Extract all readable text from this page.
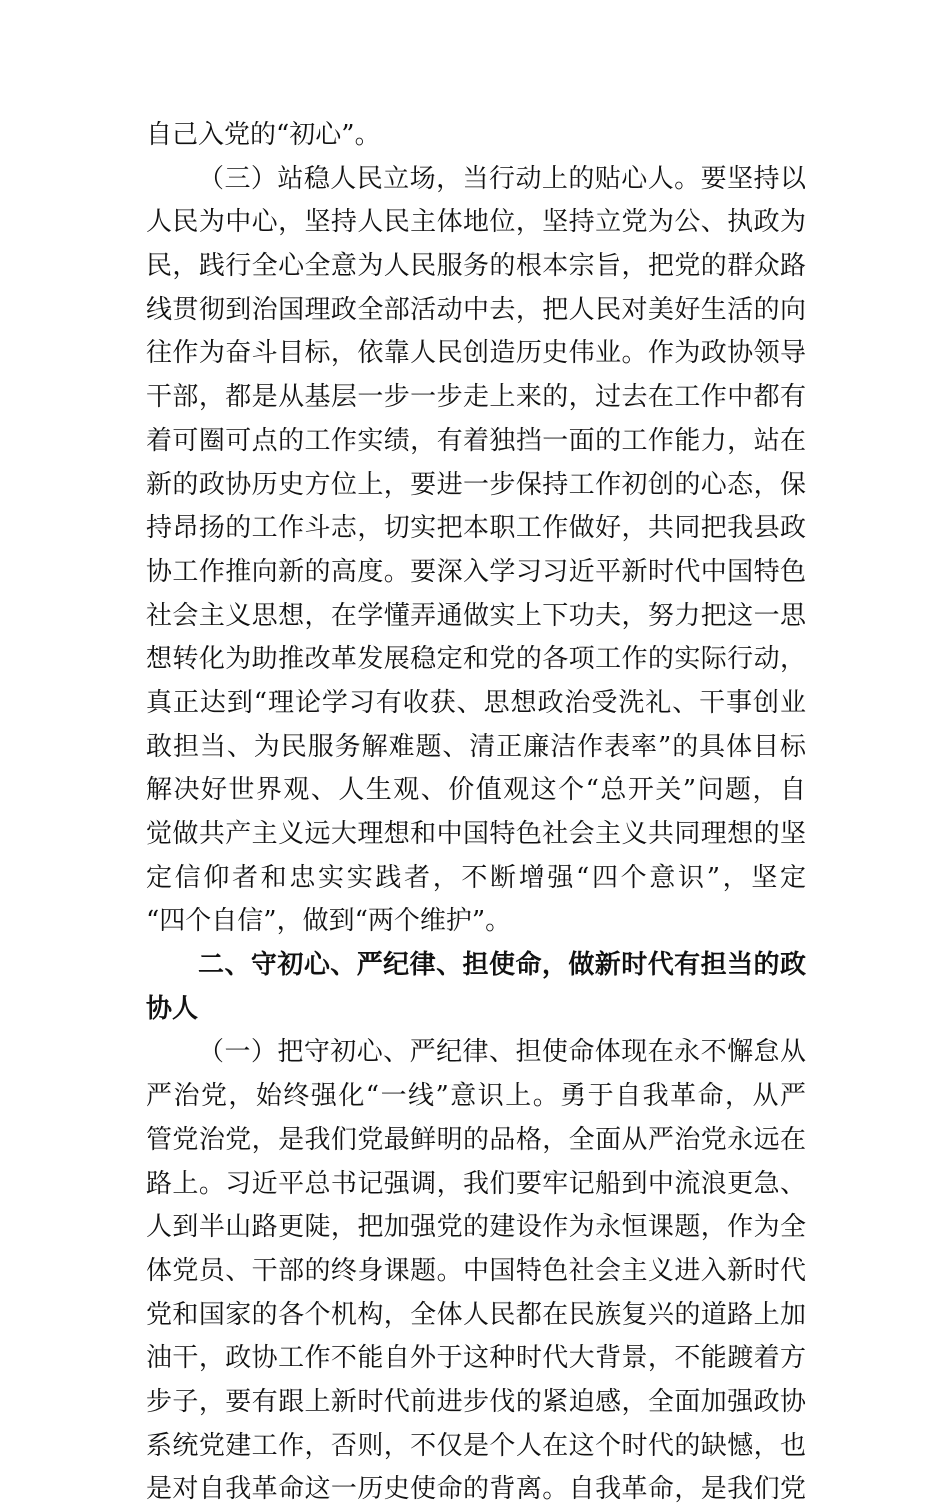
自己入党的“初心”。
（三）站稳人民立场，当行动上的贴心人。要坚持以
人民为中心，坚持人民主体地位，坚持立党为公、执政为
民，践行全心全意为人民服务的根本宗旨，把党的群众路
线贯彻到治国理政全部活动中去，把人民对美好生活的向
往作为奋斗目标，依靠人民创造历史伟业。作为政协领导
干部，都是从基层一步一步走上来的，过去在工作中都有
着可圈可点的工作实绩，有着独挡一面的工作能力，站在
新的政协历史方位上，要进一步保持工作初创的心态，保
持昂扬的工作斗志，切实把本职工作做好，共同把我县政
协工作推向新的高度。要深入学习习近平新时代中国特色
社会主义思想，在学懂弄通做实上下功夫，努力把这一思
想转化为助推改革发展稳定和党的各项工作的实际行动，
真正达到“理论学习有收获、思想政治受洗礼、干事创业
敢担当、为民服务解难题、清正廉洁作表率”的具体目标
解决好世界观、人生观、价值观这个“总开关”问题，自
觉做共产主义远大理想和中国特色社会主义共同理想的坚
定信仰者和忠实实践者，不断增强“四个意识”，坚定
“四个自信”，做到“两个维护”。
二、守初心、严纪律、担使命，做新时代有担当的政
协人
（一）把守初心、严纪律、担使命体现在永不懈怠从
严治党，始终强化“一线”意识上。勇于自我革命，从严
管党治党，是我们党最鲜明的品格，全面从严治党永远在
路上。习近平总书记强调，我们要牢记船到中流浪更急、
人到半山路更陡，把加强党的建设作为永恒课题，作为全
体党员、干部的终身课题。中国特色社会主义进入新时代
党和国家的各个机构，全体人民都在民族复兴的道路上加
油干，政协工作不能自外于这种时代大背景，不能踱着方
步子，要有跟上新时代前进步伐的紧迫感，全面加强政协
系统党建工作，否则，不仅是个人在这个时代的缺憾，也
是对自我革命这一历史使命的背离。自我革命，是我们党
